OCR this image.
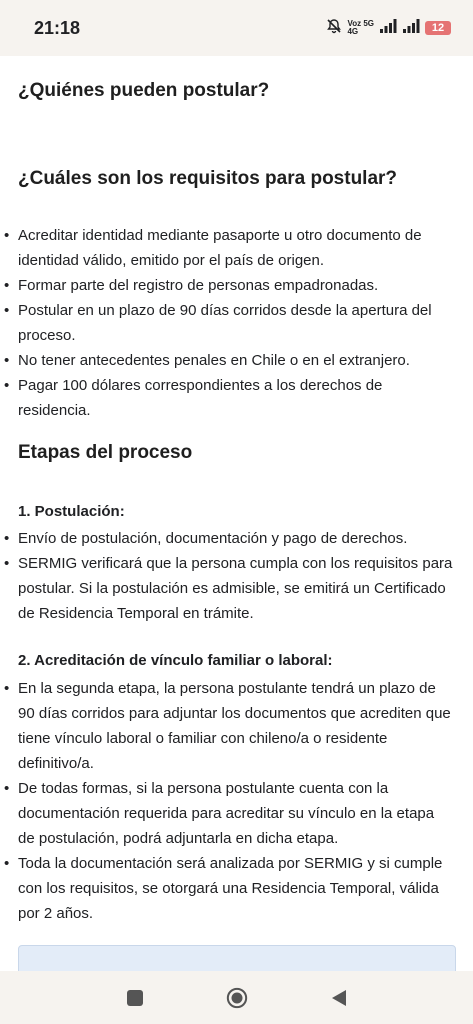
21:18	Voz 5G
4G	12
¿Quiénes pueden postular?
¿Cuáles son los requisitos para postular?
• Acreditar identidad mediante pasaporte u otro documento de identidad válido, emitido por el país de origen.
• Formar parte del registro de personas empadronadas.
• Postular en un plazo de 90 días corridos desde la apertura del proceso.
• No tener antecedentes penales en Chile o en el extranjero.
• Pagar 100 dólares correspondientes a los derechos de residencia.
Etapas del proceso
1. Postulación:
• Envío de postulación, documentación y pago de derechos.
• SERMIG verificará que la persona cumpla con los requisitos para postular. Si la postulación es admisible, se emitirá un Certificado de Residencia Temporal en trámite.
2. Acreditación de vínculo familiar o laboral:
• En la segunda etapa, la persona postulante tendrá un plazo de 90 días corridos para adjuntar los documentos que acrediten que tiene vínculo laboral o familiar con chileno/a o residente definitivo/a.
• De todas formas, si la persona postulante cuenta con la documentación requerida para acreditar su vínculo en la etapa de postulación, podrá adjuntarla en dicha etapa.
• Toda la documentación será analizada por SERMIG y si cumple con los requisitos, se otorgará una Residencia Temporal, válida por 2 años.
